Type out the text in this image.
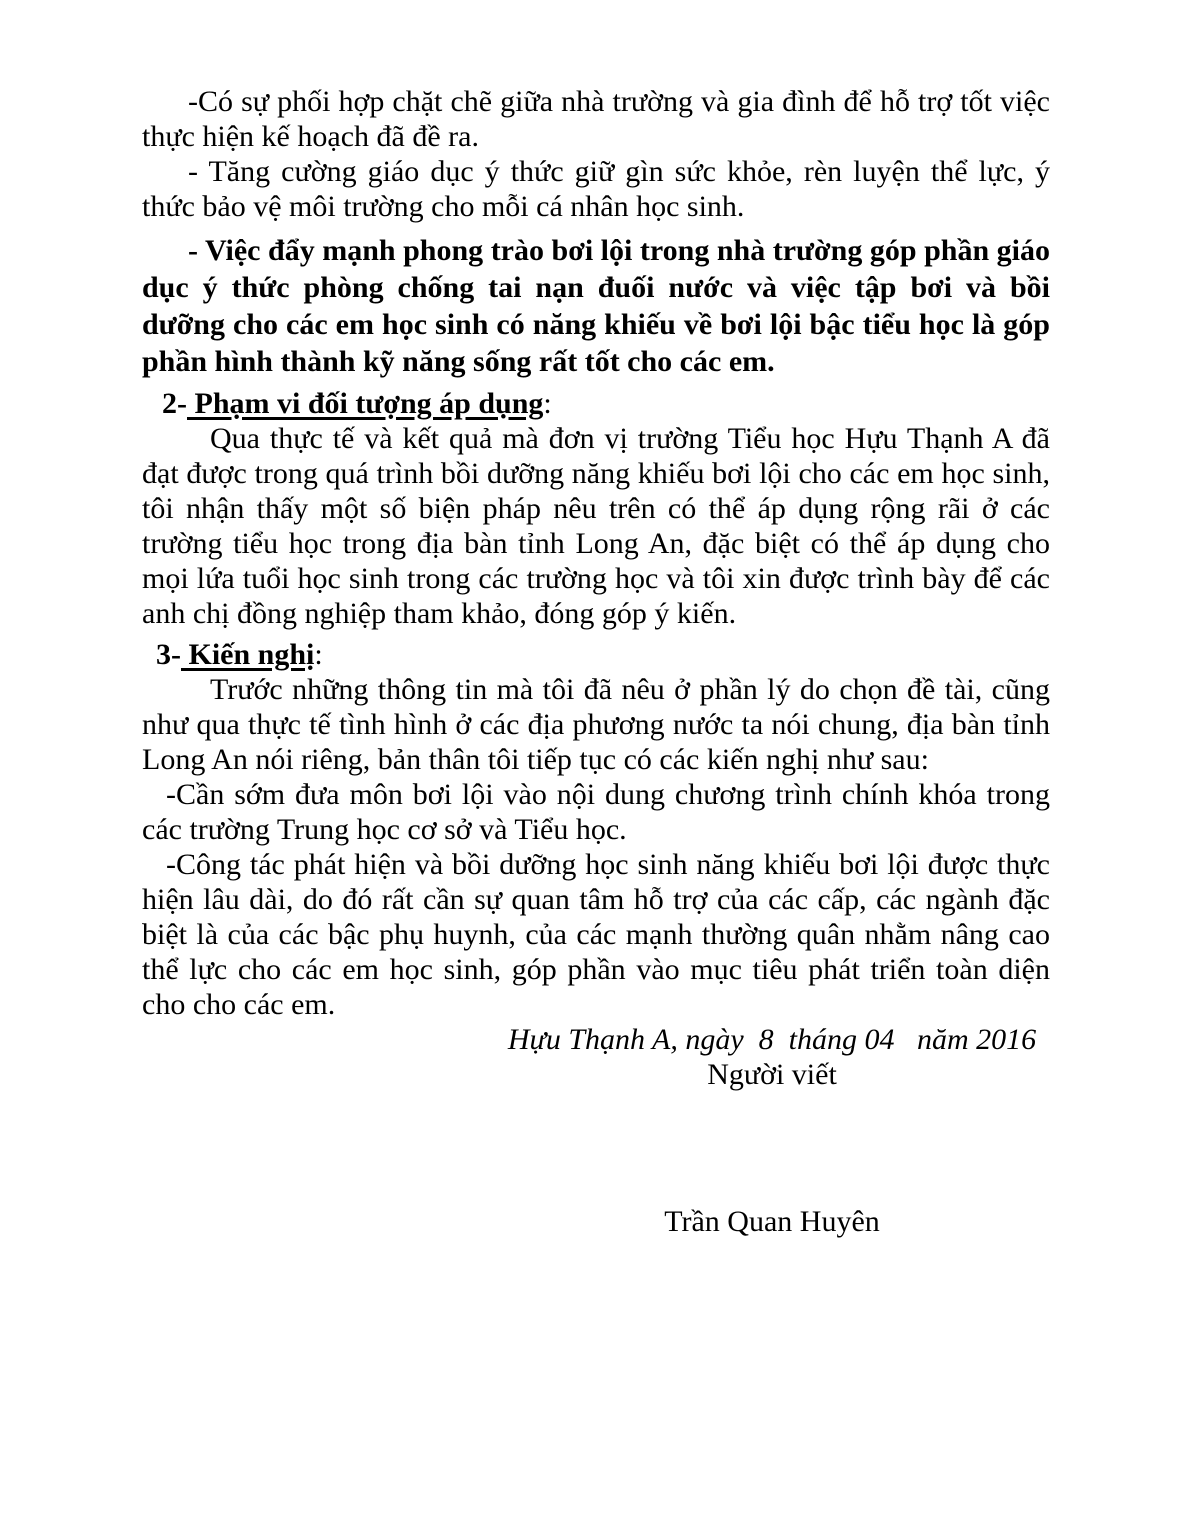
-Có sự phối hợp chặt chẽ giữa nhà trường và gia đình để hỗ trợ tốt việc thực hiện kế hoạch đã đề ra.

- Tăng cường giáo dục ý thức giữ gìn sức khỏe, rèn luyện thể lực, ý thức bảo vệ môi trường cho mỗi cá nhân học sinh.

- Việc đẩy mạnh phong trào bơi lội trong nhà trường góp phần giáo dục ý thức phòng chống tai nạn đuối nước và việc tập bơi và bồi dưỡng cho các em học sinh có năng khiếu về bơi lội bậc tiểu học là góp phần hình thành kỹ năng sống rất tốt cho các em.

2- Phạm vi đối tượng áp dụng:

Qua thực tế và kết quả mà đơn vị trường Tiểu học Hựu Thạnh A đã đạt được trong quá trình bồi dưỡng năng khiếu bơi lội cho các em học sinh, tôi nhận thấy một số biện pháp nêu trên có thể áp dụng rộng rãi ở các trường tiểu học trong địa bàn tỉnh Long An, đặc biệt có thể áp dụng cho mọi lứa tuổi học sinh trong các trường học và tôi xin được trình bày để các anh chị đồng nghiệp tham khảo, đóng góp ý kiến.

3- Kiến nghị:

Trước những thông tin mà tôi đã nêu ở phần lý do chọn đề tài, cũng như qua thực tế tình hình ở các địa phương nước ta nói chung, địa bàn tỉnh Long An nói riêng, bản thân tôi tiếp tục có các kiến nghị như sau:

-Cần sớm đưa môn bơi lội vào nội dung chương trình chính khóa trong các trường Trung học cơ sở và Tiểu học.

-Công tác phát hiện và bồi dưỡng học sinh năng khiếu bơi lội được thực hiện lâu dài, do đó rất cần sự quan tâm hỗ trợ của các cấp, các ngành đặc biệt là của các bậc phụ huynh, của các mạnh thường quân nhằm nâng cao thể lực cho các em học sinh, góp phần vào mục tiêu phát triển toàn diện cho cho các em.

Hựu Thạnh A, ngày  8  tháng 04   năm 2016

Người viết

Trần Quan Huyên
